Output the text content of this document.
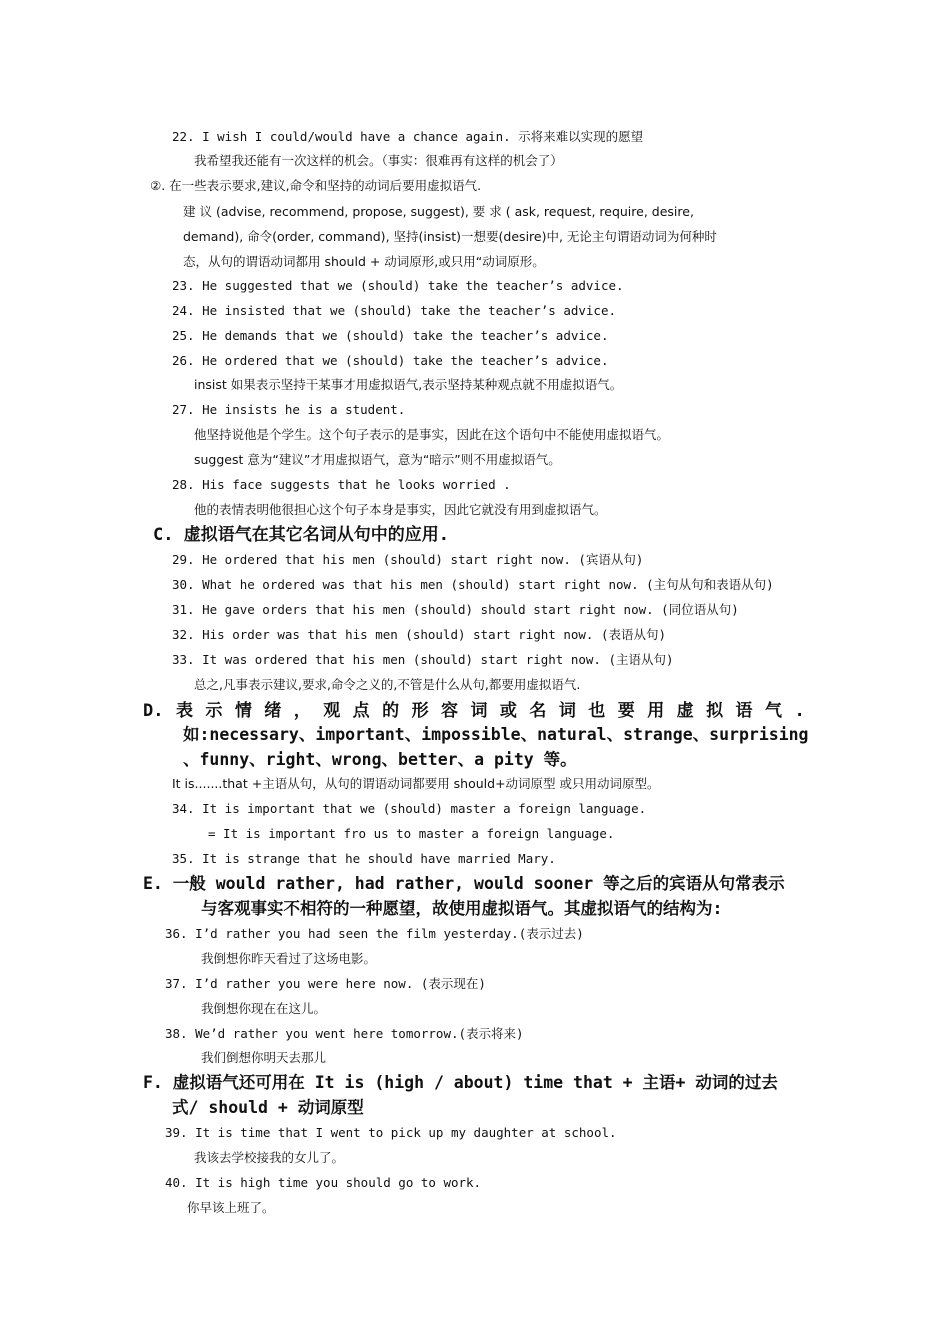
22. I wish I could/would have a chance again. 示将来难以实现的愿望
我希望我还能有一次这样的机会。（事实：很难再有这样的机会了）
②. 在一些表示要求,建议,命令和坚持的动词后要用虚拟语气.
建 议 (advise, recommend, propose, suggest), 要 求 ( ask, request, require, desire,
demand), 命令(order, command), 坚持(insist)一想要(desire)中, 无论主句谓语动词为何种时
态，从句的谓语动词都用 should + 动词原形,或只用“动词原形。
23. He suggested that we (should) take the teacher’s advice.
24. He insisted that we (should) take the teacher’s advice.
25. He demands that we (should) take the teacher’s advice.
26. He ordered that we (should) take the teacher’s advice.
insist 如果表示坚持干某事才用虚拟语气,表示坚持某种观点就不用虚拟语气。
27. He insists he is a student.
他坚持说他是个学生。这个句子表示的是事实，因此在这个语句中不能使用虚拟语气。
suggest 意为“建议”才用虚拟语气，意为“暗示”则不用虚拟语气。
28. His face suggests that he looks worried .
他的表情表明他很担心这个句子本身是事实，因此它就没有用到虚拟语气。
C. 虚拟语气在其它名词从句中的应用.
29. He ordered that his men (should) start right now. (宾语从句)
30. What he ordered was that his men (should) start right now. (主句从句和表语从句)
31. He gave orders that his men (should) should start right now. (同位语从句)
32. His order was that his men (should) start right now. (表语从句)
33. It was ordered that his men (should) start right now. (主语从句)
总之,凡事表示建议,要求,命令之义的,不管是什么从句,都要用虚拟语气.
D. 表 示 情 绪 ， 观 点 的 形 容 词 或 名 词 也 要 用 虚 拟 语 气 .
如:necessary、important、impossible、natural、strange、surprising
、funny、right、wrong、better、a pity 等。
It is.......that +主语从句，从句的谓语动词都要用 should+动词原型 或只用动词原型。
34. It is important that we (should) master a foreign language.
= It is important fro us to master a foreign language.
35. It is strange that he should have married Mary.
E. 一般 would rather, had rather, would sooner 等之后的宾语从句常表示
与客观事实不相符的一种愿望，故使用虚拟语气。其虚拟语气的结构为:
36. I’d rather you had seen the film yesterday.(表示过去)
我倒想你昨天看过了这场电影。
37. I’d rather you were here now. (表示现在)
我倒想你现在在这儿。
38. We’d rather you went here tomorrow.(表示将来)
我们倒想你明天去那儿
F. 虚拟语气还可用在 It is (high / about) time that + 主语+ 动词的过去
式/ should + 动词原型
39. It is time that I went to pick up my daughter at school.
我该去学校接我的女儿了。
40. It is high time you should go to work.
你早该上班了。
